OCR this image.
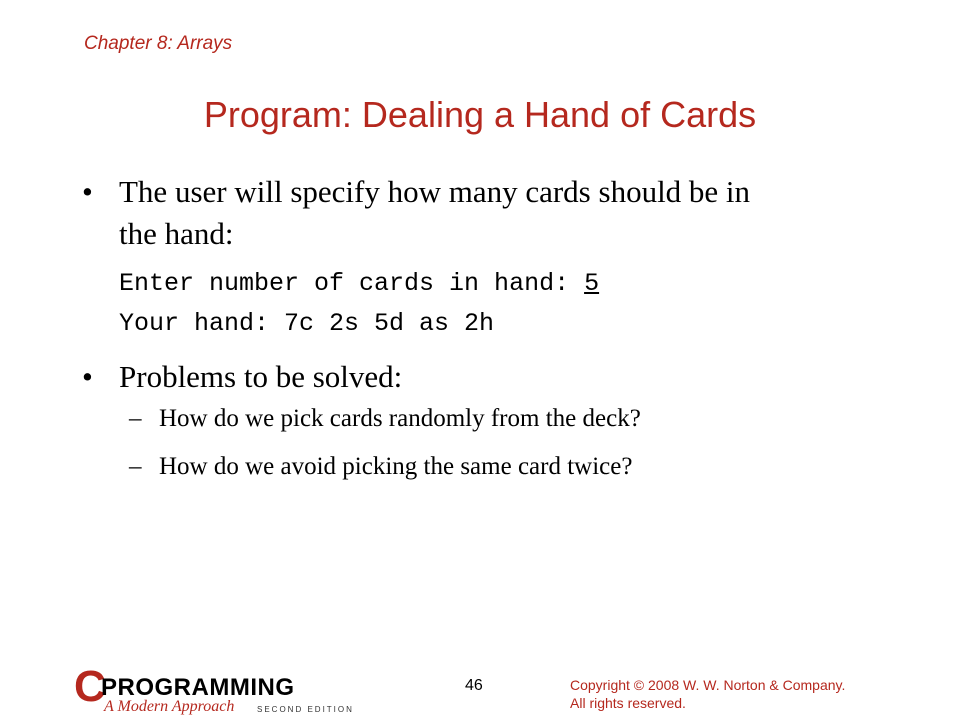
Chapter 8: Arrays
Program: Dealing a Hand of Cards
• The user will specify how many cards should be in
the hand:
Enter number of cards in hand: 5
Your hand: 7c 2s 5d as 2h
• Problems to be solved:
– How do we pick cards randomly from the deck?
– How do we avoid picking the same card twice?
C
PROGRAMMING
A Modern Approach	SECOND EDITION
46	Copyright © 2008 W. W. Norton & Company.
All rights reserved.
